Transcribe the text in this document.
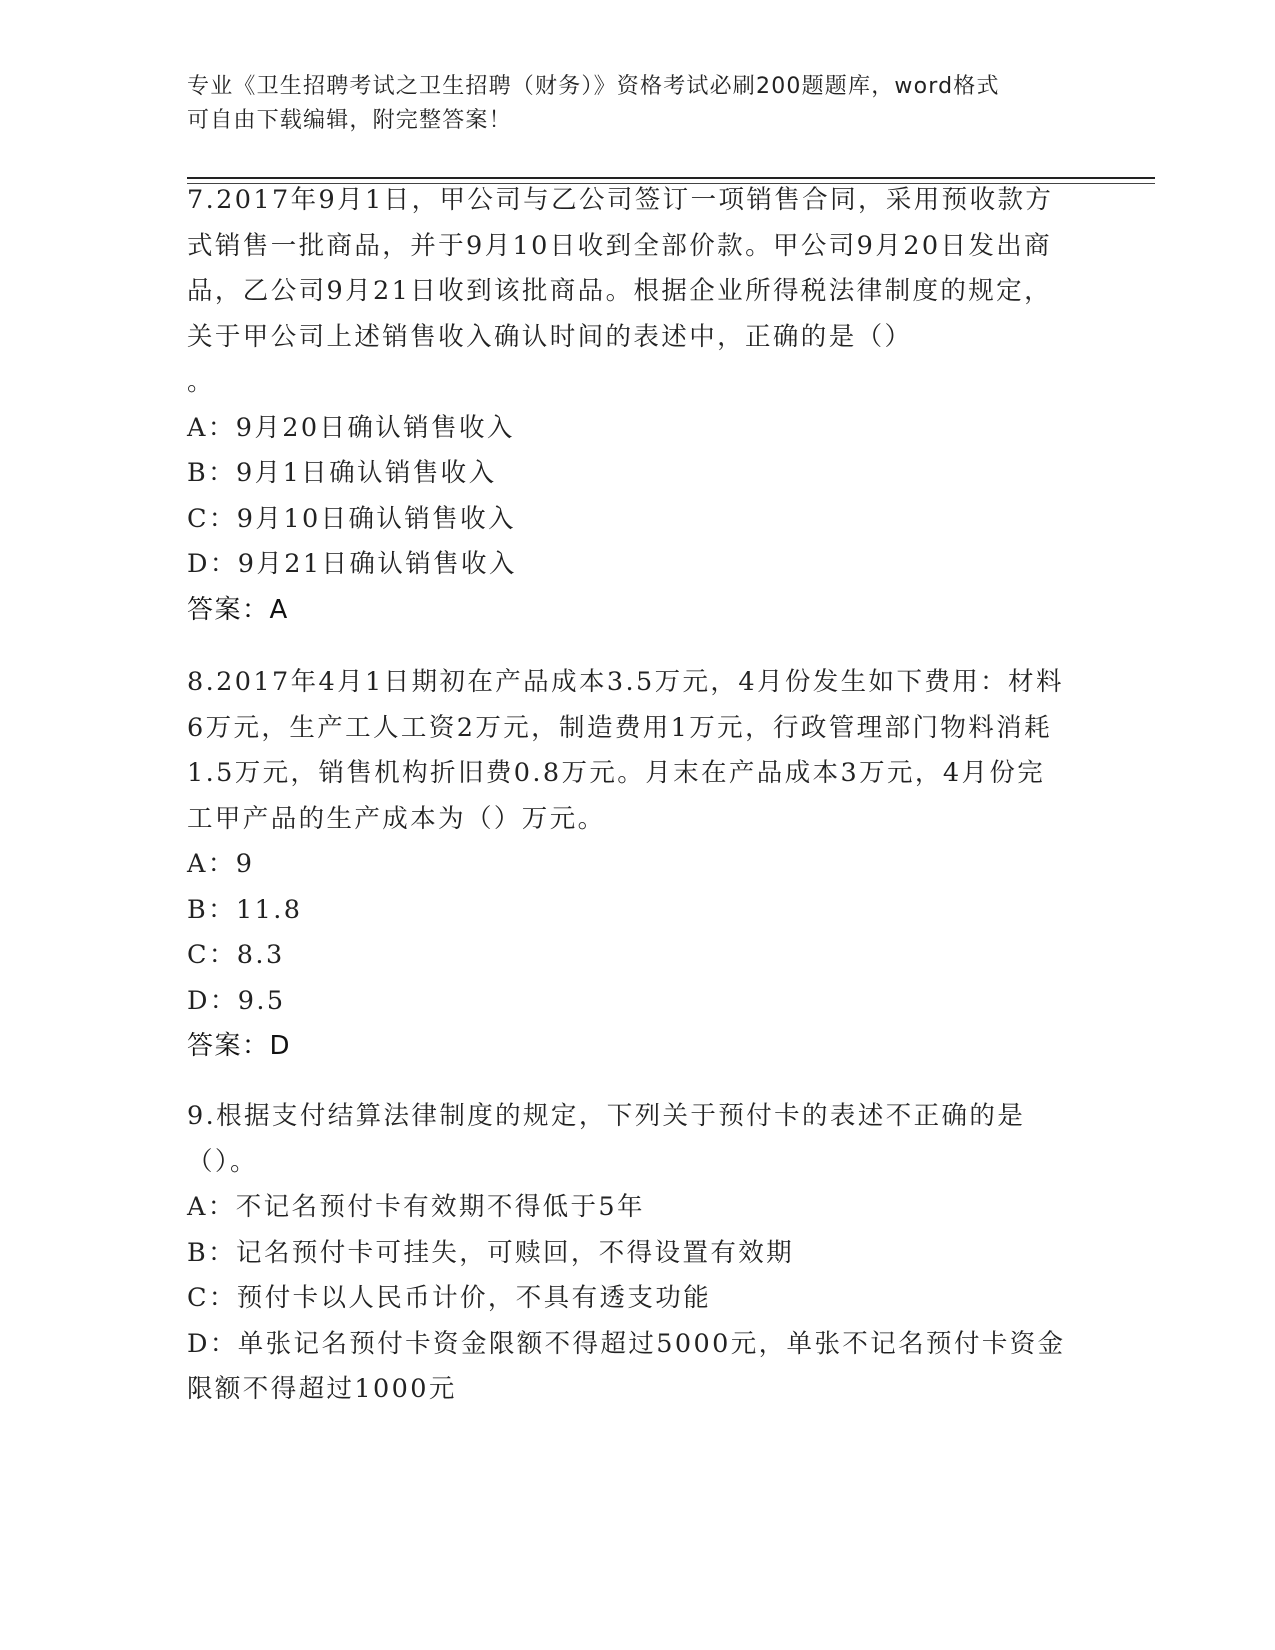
专业《卫生招聘考试之卫生招聘（财务）》资格考试必刷200题题库，word格式
可自由下载编辑，附完整答案！

7.2017年9月1日，甲公司与乙公司签订一项销售合同，采用预收款方式销售一批商品，并于9月10日收到全部价款。甲公司9月20日发出商品，乙公司9月21日收到该批商品。根据企业所得税法律制度的规定，关于甲公司上述销售收入确认时间的表述中，正确的是（）
。

A：9月20日确认销售收入
B：9月1日确认销售收入
C：9月10日确认销售收入
D：9月21日确认销售收入
答案：A

8.2017年4月1日期初在产品成本3.5万元，4月份发生如下费用：材料6万元，生产工人工资2万元，制造费用1万元，行政管理部门物料消耗1.5万元，销售机构折旧费0.8万元。月末在产品成本3万元，4月份完工甲产品的生产成本为（）万元。

A：9
B：11.8
C：8.3
D：9.5
答案：D

9.根据支付结算法律制度的规定，下列关于预付卡的表述不正确的是（）。

A：不记名预付卡有效期不得低于5年
B：记名预付卡可挂失，可赎回，不得设置有效期
C：预付卡以人民币计价，不具有透支功能
D：单张记名预付卡资金限额不得超过5000元，单张不记名预付卡资金限额不得超过1000元
